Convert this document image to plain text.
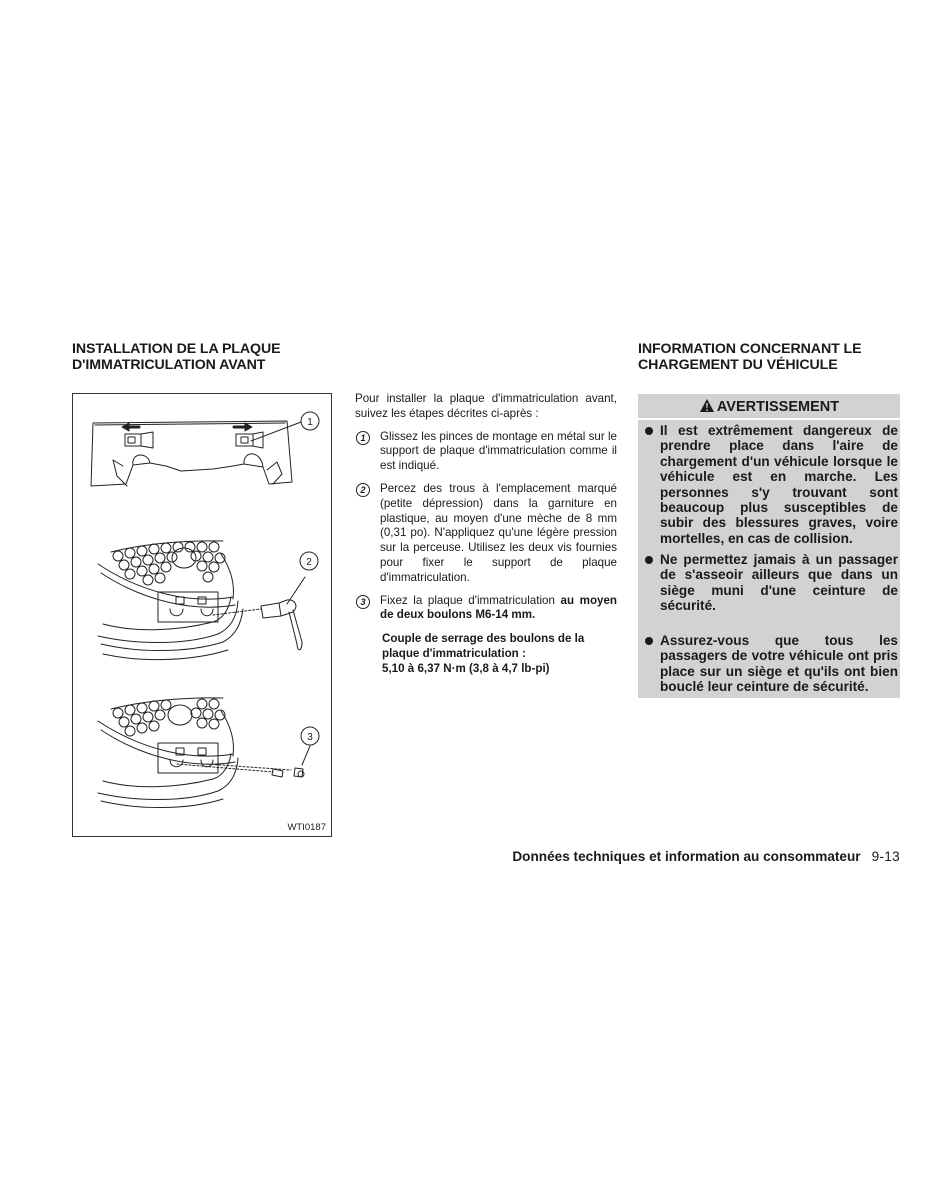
INSTALLATION DE LA PLAQUE
D'IMMATRICULATION AVANT
1
2
3
WTI0187

Pour installer la plaque d'immatriculation avant, suivez les étapes décrites ci-après :

1	Glissez les pinces de montage en métal sur le support de plaque d'immatriculation comme il est indiqué.
2	Percez des trous à l'emplacement marqué (petite dépression) dans la garniture en plastique, au moyen d'une mèche de 8 mm (0,31 po). N'appliquez qu'une légère pression sur la perceuse. Utilisez les deux vis fournies pour fixer le support de plaque d'immatriculation.
3	Fixez la plaque d'immatriculation au moyen de deux boulons M6-14 mm.
Couple de serrage des boulons de la
plaque d'immatriculation :
5,10 à 6,37 N·m (3,8 à 4,7 lb-pi)
INFORMATION CONCERNANT LE
CHARGEMENT DU VÉHICULE
AVERTISSEMENT
Il est extrêmement dangereux de prendre place dans l'aire de chargement d'un véhicule lorsque le véhicule est en marche. Les personnes s'y trouvant sont beaucoup plus susceptibles de subir des blessures graves, voire mortelles, en cas de collision.
Ne permettez jamais à un passager de s'asseoir ailleurs que dans un siège muni d'une ceinture de sécurité.
Assurez-vous que tous les passagers de votre véhicule ont pris place sur un siège et qu'ils ont bien bouclé leur ceinture de sécurité.
Données techniques et information au consommateur 9-13
